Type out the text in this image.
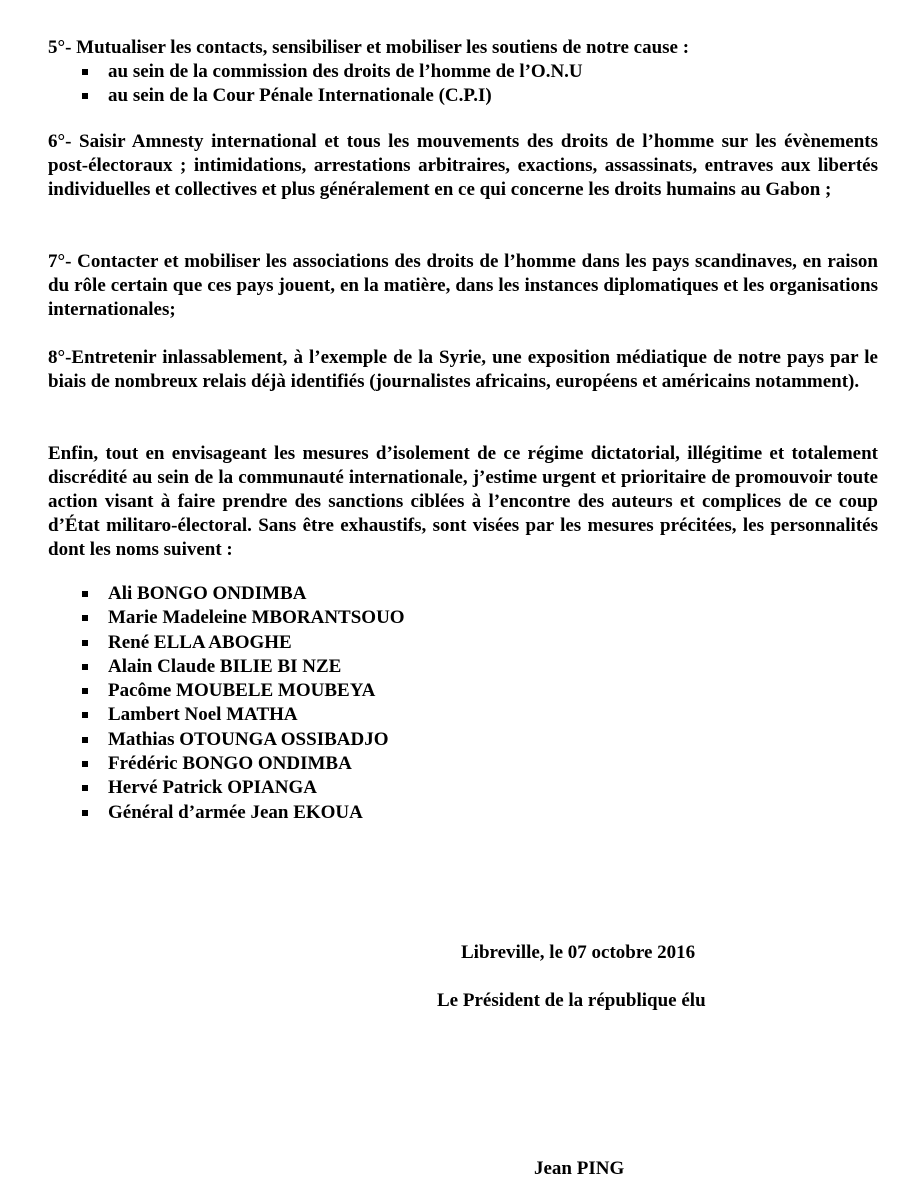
5°- Mutualiser les contacts, sensibiliser et mobiliser les soutiens de notre cause :
au sein de la commission des droits de l’homme de l’O.N.U
au sein de la Cour Pénale Internationale (C.P.I)

6°- Saisir Amnesty international et tous les mouvements des droits de l’homme sur les évènements post-électoraux ; intimidations, arrestations arbitraires, exactions, assassinats, entraves aux libertés individuelles et collectives et plus généralement en ce qui concerne les droits humains au Gabon ;

7°- Contacter et mobiliser les associations des droits de l’homme dans les pays scandinaves, en raison du rôle certain que ces pays jouent, en la matière, dans les instances diplomatiques et les organisations internationales;

8°-Entretenir inlassablement, à l’exemple de la Syrie, une exposition médiatique de notre pays par le biais de nombreux relais déjà identifiés (journalistes africains, européens et américains notamment).

Enfin, tout en envisageant les mesures d’isolement de ce régime dictatorial, illégitime et totalement discrédité au sein de la communauté internationale, j’estime urgent et prioritaire de promouvoir toute action visant à faire prendre des sanctions ciblées à l’encontre des auteurs et complices de ce coup d’État militaro-électoral. Sans être exhaustifs, sont visées par les mesures précitées, les personnalités dont les noms suivent :

Ali BONGO ONDIMBA
Marie Madeleine MBORANTSOUO
René ELLA ABOGHE
Alain Claude BILIE BI NZE
Pacôme MOUBELE MOUBEYA
Lambert Noel MATHA
Mathias OTOUNGA OSSIBADJO
Frédéric BONGO ONDIMBA
Hervé Patrick OPIANGA
Général d’armée Jean EKOUA
Libreville, le 07 octobre 2016
Le Président de la république élu
Jean PING
